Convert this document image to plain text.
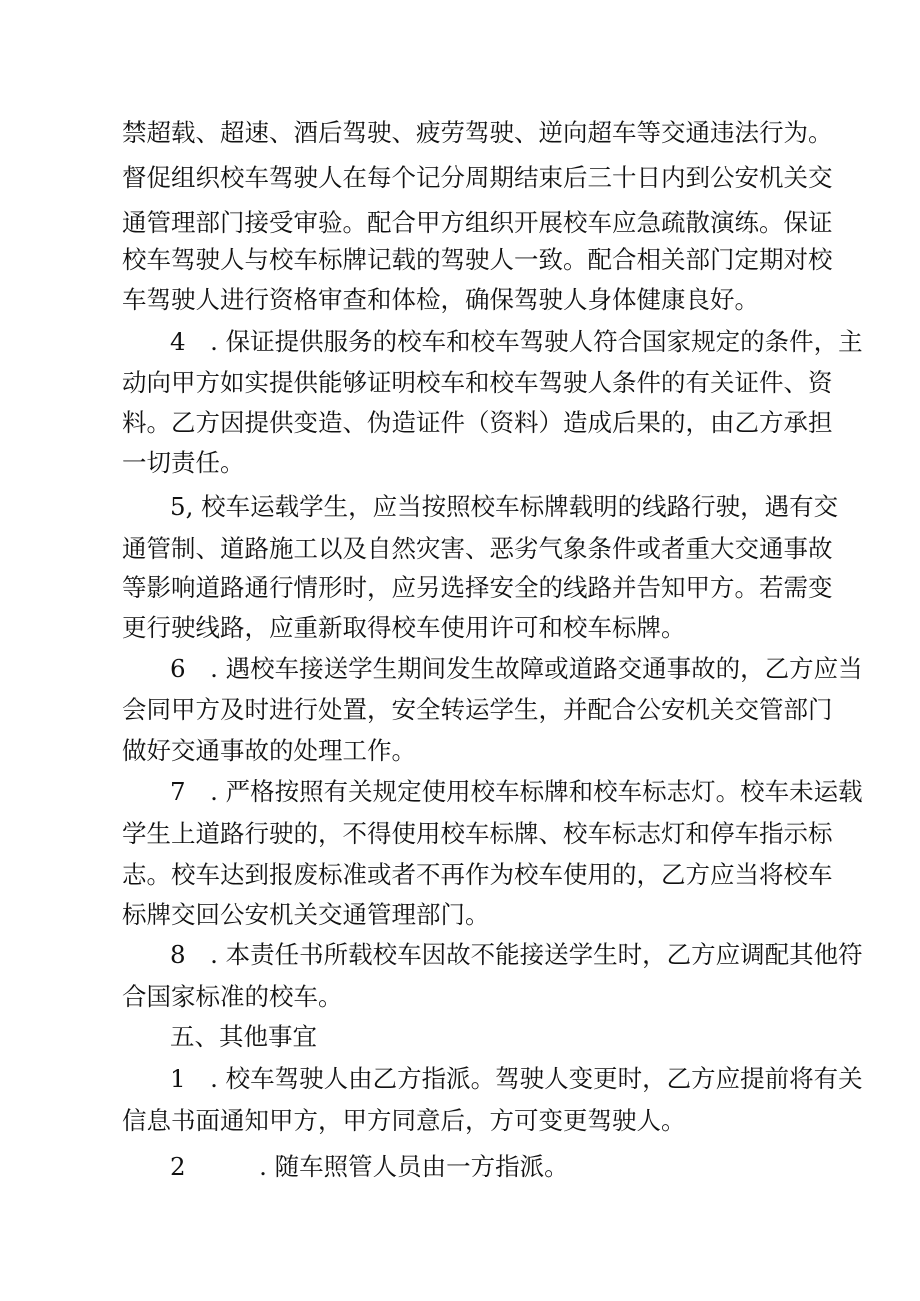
禁超载、超速、酒后驾驶、疲劳驾驶、逆向超车等交通违法行为。
督促组织校车驾驶人在每个记分周期结束后三十日内到公安机关交
通管理部门接受审验。配合甲方组织开展校车应急疏散演练。保证
校车驾驶人与校车标牌记载的驾驶人一致。配合相关部门定期对校
车驾驶人进行资格审查和体检，确保驾驶人身体健康良好。
4　. 保证提供服务的校车和校车驾驶人符合国家规定的条件，主
动向甲方如实提供能够证明校车和校车驾驶人条件的有关证件、资
料。乙方因提供变造、伪造证件（资料）造成后果的，由乙方承担
一切责任。
5, 校车运载学生，应当按照校车标牌载明的线路行驶，遇有交
通管制、道路施工以及自然灾害、恶劣气象条件或者重大交通事故
等影响道路通行情形时，应另选择安全的线路并告知甲方。若需变
更行驶线路，应重新取得校车使用许可和校车标牌。
6　. 遇校车接送学生期间发生故障或道路交通事故的，乙方应当
会同甲方及时进行处置，安全转运学生，并配合公安机关交管部门
做好交通事故的处理工作。
7　. 严格按照有关规定使用校车标牌和校车标志灯。校车未运载
学生上道路行驶的，不得使用校车标牌、校车标志灯和停车指示标
志。校车达到报废标准或者不再作为校车使用的，乙方应当将校车
标牌交回公安机关交通管理部门。
8　. 本责任书所载校车因故不能接送学生时，乙方应调配其他符
合国家标准的校车。
五、其他事宜
1　. 校车驾驶人由乙方指派。驾驶人变更时，乙方应提前将有关
信息书面通知甲方，甲方同意后，方可变更驾驶人。
2　　　. 随车照管人员由一方指派。
